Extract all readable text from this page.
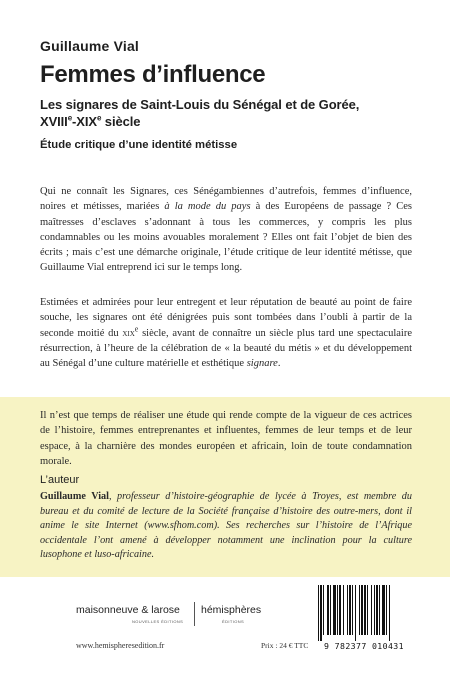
Guillaume Vial
Femmes d’influence
Les signares de Saint-Louis du Sénégal et de Gorée,
XVIIIe-XIXe siècle
Étude critique d’une identité métisse
Qui ne connaît les Signares, ces Sénégambiennes d’autrefois, femmes d’influence, noires et métisses, mariées à la mode du pays à des Européens de passage ? Ces maîtresses d’esclaves s’adonnant à tous les commerces, y compris les plus condamnables ou les moins avouables moralement ? Elles ont fait l’objet de bien des écrits ; mais c’est une démarche originale, l’étude critique de leur identité métisse, que Guillaume Vial entreprend ici sur le temps long.
Estimées et admirées pour leur entregent et leur réputation de beauté au point de faire souche, les signares ont été dénigrées puis sont tombées dans l’oubli à partir de la seconde moitié du xix$^e$ siècle, avant de connaître un siècle plus tard une spectaculaire résurrection, à l’heure de la célébration de « la beauté du métis » et du développement au Sénégal d’une culture matérielle et esthétique signare.
Il n’est que temps de réaliser une étude qui rende compte de la vigueur de ces actrices de l’histoire, femmes entreprenantes et influentes, femmes de leur temps et de leur espace, à la charnière des mondes européen et africain, loin de toute condamnation morale.
L’auteur
Guillaume Vial, professeur d’histoire-géographie de lycée à Troyes, est membre du bureau et du comité de lecture de la Société française d’histoire des outre-mers, dont il anime le site Internet (www.sfhom.com). Ses recherches sur l’histoire de l’Afrique occidentale l’ont amené à développer notamment une inclination pour la culture lusophone et luso-africaine.
maisonneuve & larose
NOUVELLES ÉDITIONS
hémisphères
ÉDITIONS
www.hemispheresedition.fr	Prix : 24 € TTC	9 782377 010431
